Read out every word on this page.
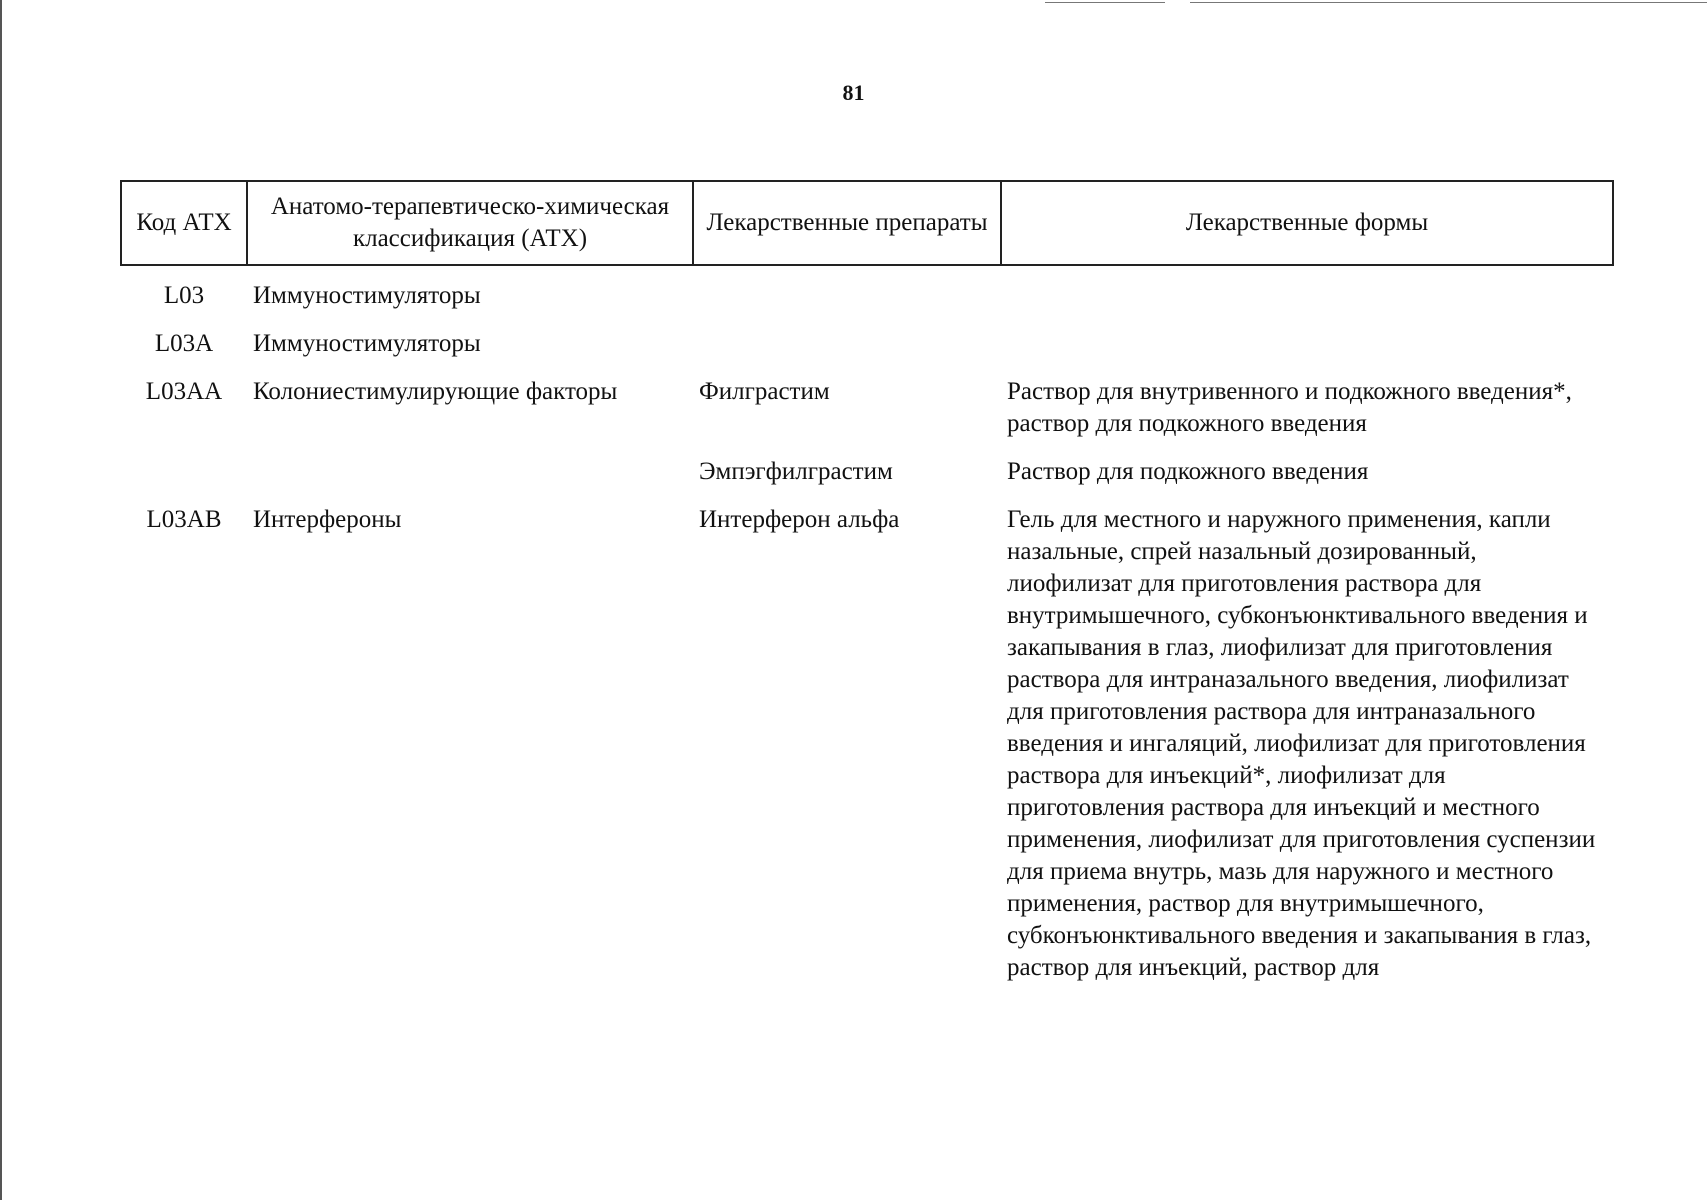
81
Код АТХ	Анатомо-терапевтическо-химическая классификация (АТХ)	Лекарственные препараты	Лекарственные формы
L03	Иммуностимуляторы		
L03A	Иммуностимуляторы		
L03AA	Колониестимулирующие факторы	Филграстим	Раствор для внутривенного и подкожного введения*, раствор для подкожного введения
		Эмпэгфилграстим	Раствор для подкожного введения
L03AB	Интерфероны	Интерферон альфа	Гель для местного и наружного применения, капли назальные, спрей назальный дозированный, лиофилизат для приготовления раствора для внутримышечного, субконъюнктивального введения и закапывания в глаз, лиофилизат для приготовления раствора для интраназального введения, лиофилизат для приготовления раствора для интраназального введения и ингаляций, лиофилизат для приготовления раствора для инъекций*, лиофилизат для приготовления раствора для инъекций и местного применения, лиофилизат для приготовления суспензии для приема внутрь, мазь для наружного и местного применения, раствор для внутримышечного, субконъюнктивального введения и закапывания в глаз, раствор для инъекций, раствор для
